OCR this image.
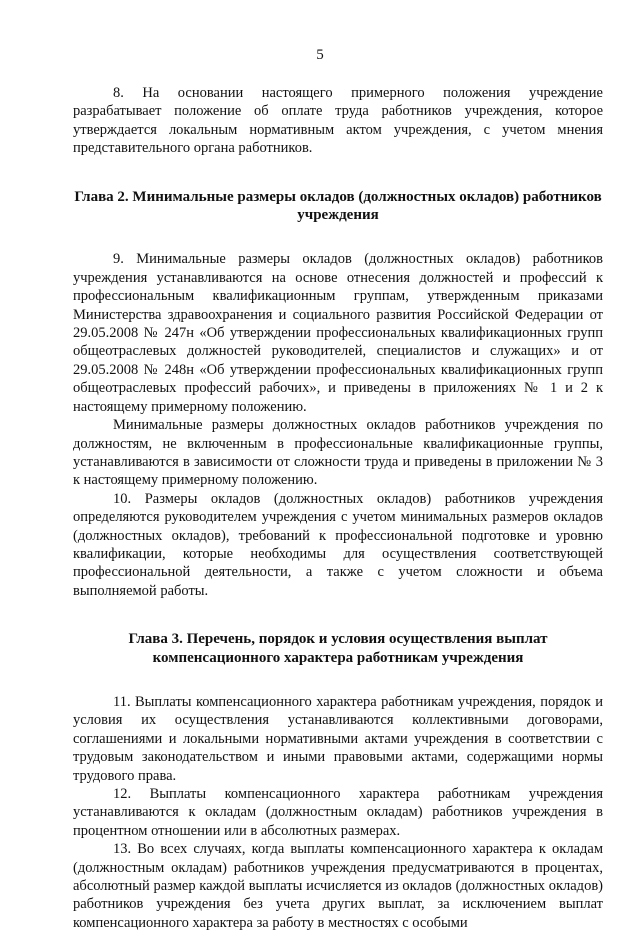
5

8. На основании настоящего примерного положения учреждение разрабатывает положение об оплате труда работников учреждения, которое утверждается локальным нормативным актом учреждения, с учетом мнения представительного органа работников.

Глава 2. Минимальные размеры окладов (должностных окладов) работников учреждения

9. Минимальные размеры окладов (должностных окладов) работников учреждения устанавливаются на основе отнесения должностей и профессий к профессиональным квалификационным группам, утвержденным приказами Министерства здравоохранения и социального развития Российской Федерации от 29.05.2008 № 247н «Об утверждении профессиональных квалификационных групп общеотраслевых должностей руководителей, специалистов и служащих» и от 29.05.2008 № 248н «Об утверждении профессиональных квалификационных групп общеотраслевых профессий рабочих», и приведены в приложениях № 1 и 2 к настоящему примерному положению.

Минимальные размеры должностных окладов работников учреждения по должностям, не включенным в профессиональные квалификационные группы, устанавливаются в зависимости от сложности труда и приведены в приложении № 3 к настоящему примерному положению.

10. Размеры окладов (должностных окладов) работников учреждения определяются руководителем учреждения с учетом минимальных размеров окладов (должностных окладов), требований к профессиональной подготовке и уровню квалификации, которые необходимы для осуществления соответствующей профессиональной деятельности, а также с учетом сложности и объема выполняемой работы.

Глава 3. Перечень, порядок и условия осуществления выплат компенсационного характера работникам учреждения

11. Выплаты компенсационного характера работникам учреждения, порядок и условия их осуществления устанавливаются коллективными договорами, соглашениями и локальными нормативными актами учреждения в соответствии с трудовым законодательством и иными правовыми актами, содержащими нормы трудового права.

12. Выплаты компенсационного характера работникам учреждения устанавливаются к окладам (должностным окладам) работников учреждения в процентном отношении или в абсолютных размерах.

13. Во всех случаях, когда выплаты компенсационного характера к окладам (должностным окладам) работников учреждения предусматриваются в процентах, абсолютный размер каждой выплаты исчисляется из окладов (должностных окладов) работников учреждения без учета других выплат, за исключением выплат компенсационного характера за работу в местностях с особыми
